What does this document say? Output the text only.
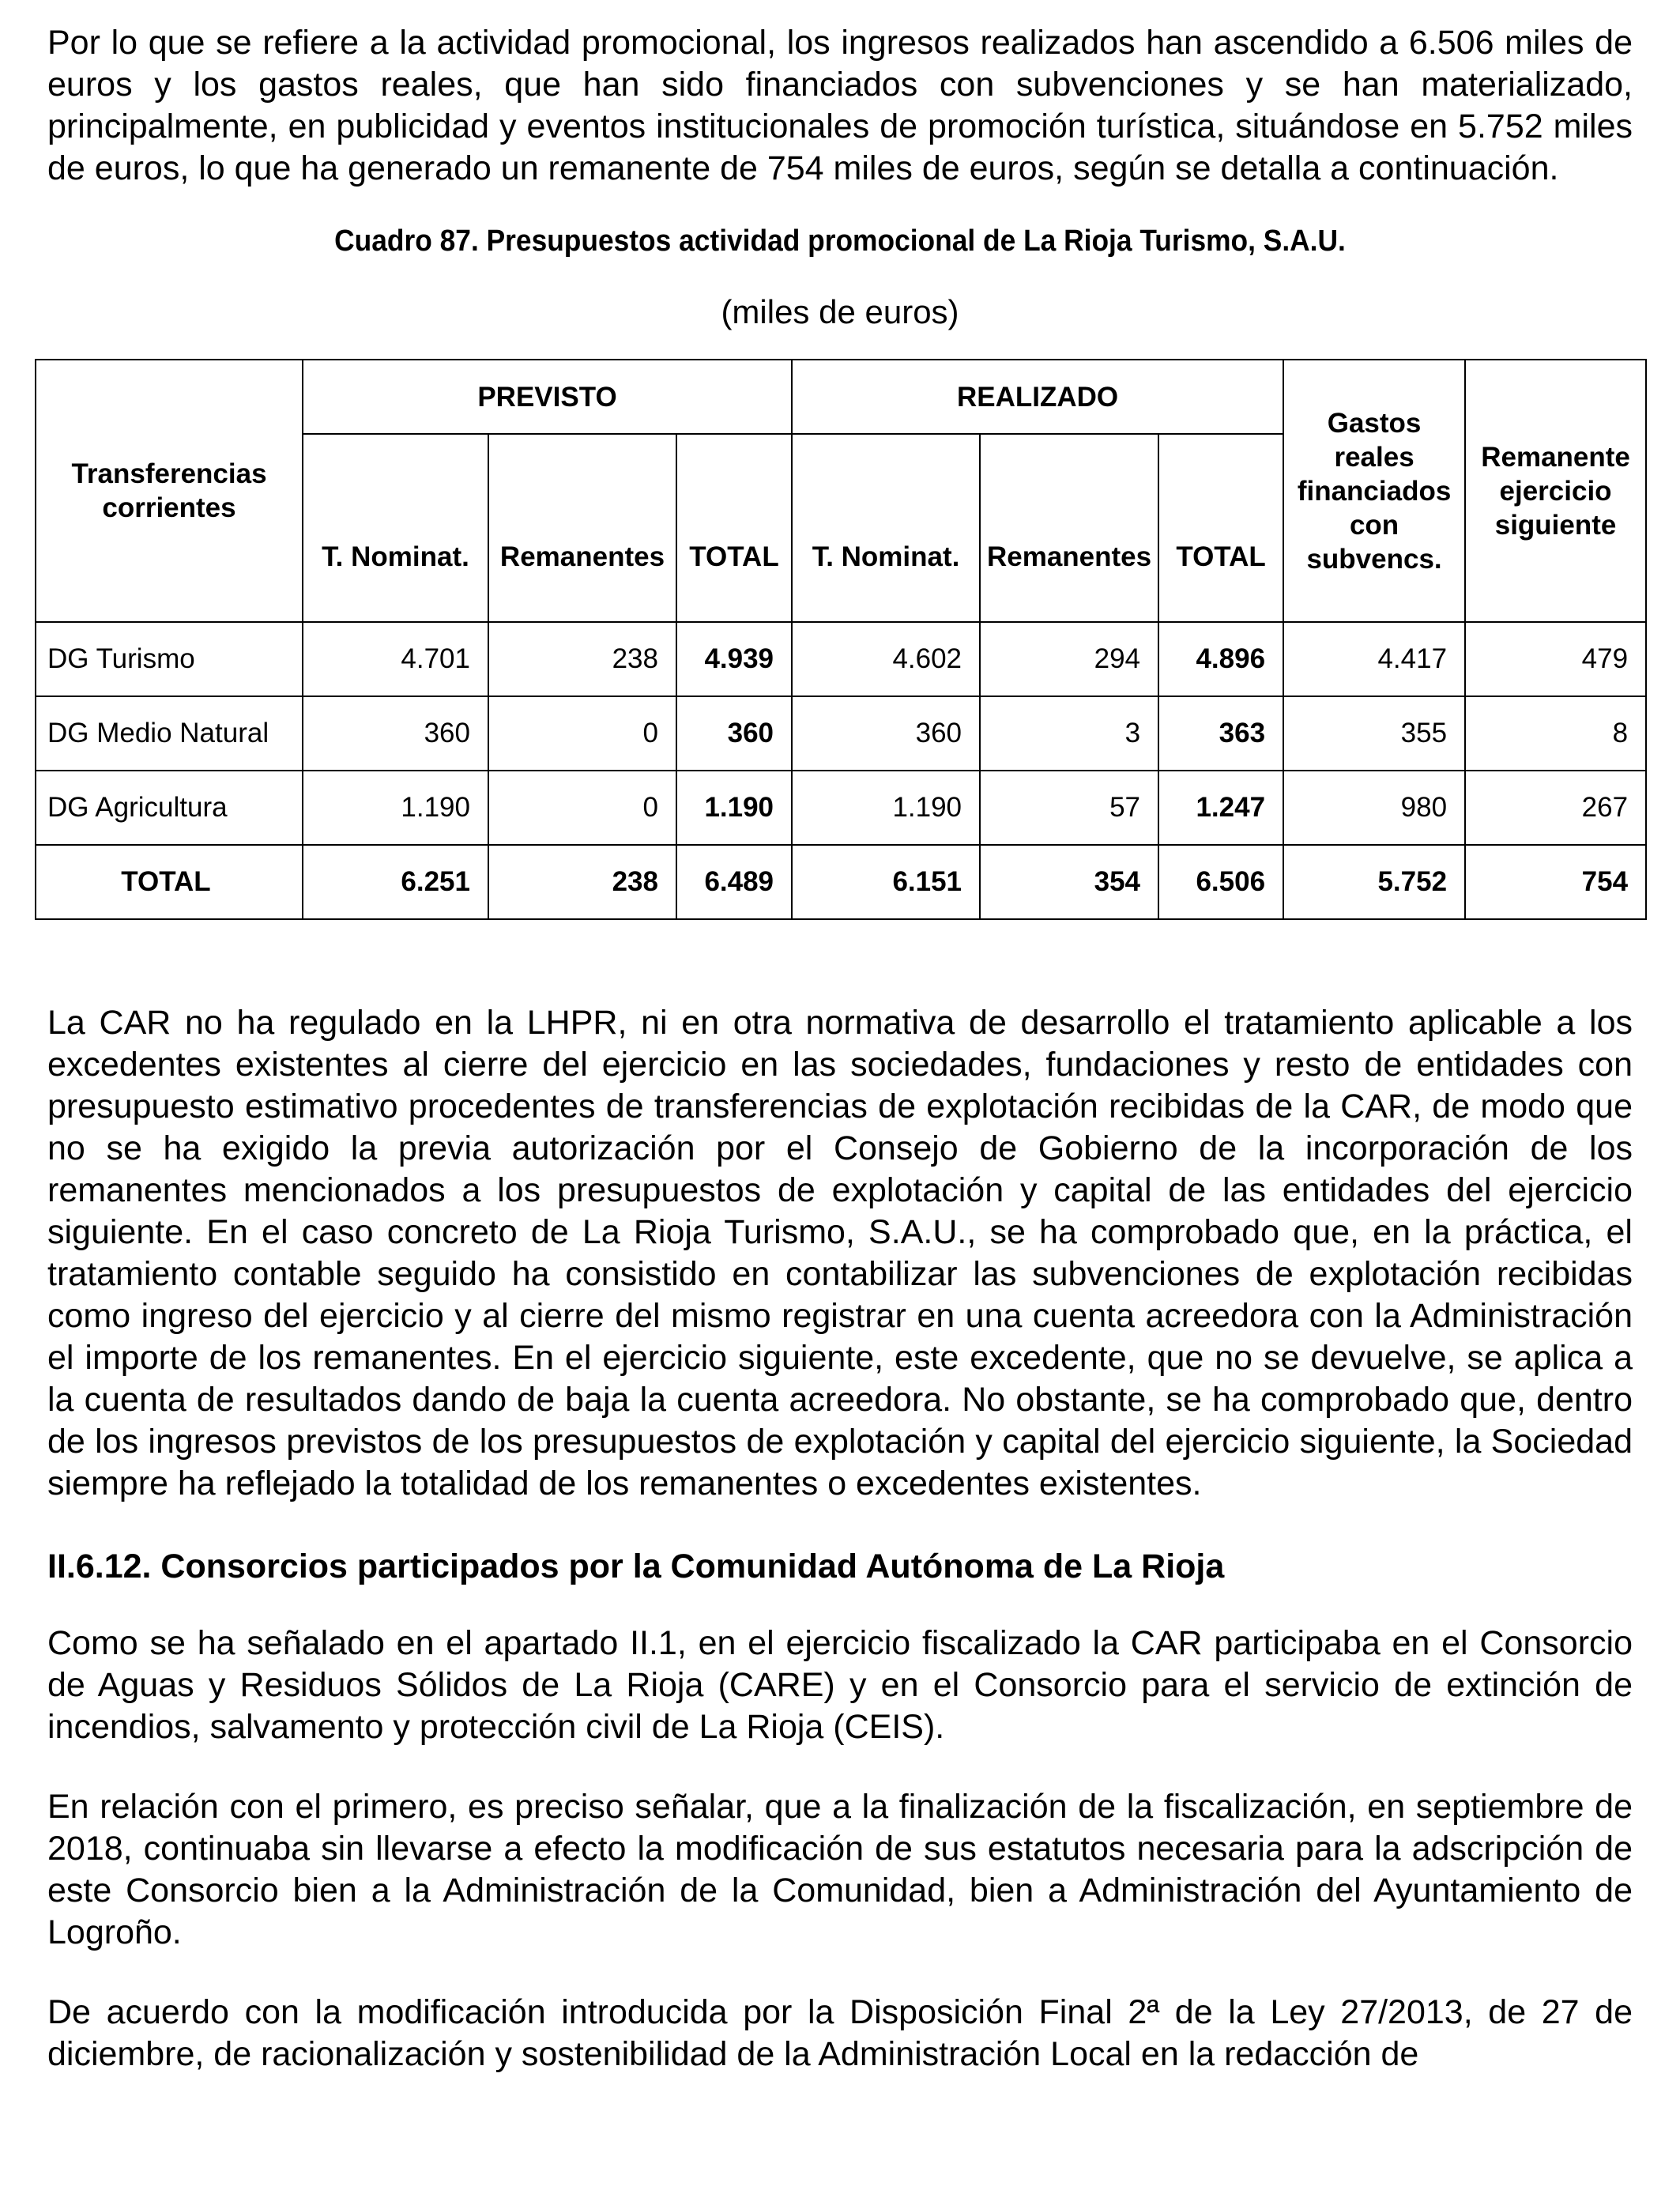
Por lo que se refiere a la actividad promocional, los ingresos realizados han ascendido a 6.506 miles de euros y los gastos reales, que han sido financiados con subvenciones y se han materializado, principalmente, en publicidad y eventos institucionales de promoción turística, situándose en 5.752 miles de euros, lo que ha generado un remanente de 754 miles de euros, según se detalla a continuación.

Cuadro 87. Presupuestos actividad promocional de La Rioja Turismo, S.A.U.
(miles de euros)
Transferencias corrientes	PREVISTO			REALIZADO			Gastos reales financiados con subvencs.	Remanente ejercicio siguiente
	T. Nominat.	Remanentes	TOTAL	T. Nominat.	Remanentes	TOTAL		
DG Turismo	4.701	238	4.939	4.602	294	4.896	4.417	479
DG Medio Natural	360	0	360	360	3	363	355	8
DG Agricultura	1.190	0	1.190	1.190	57	1.247	980	267
TOTAL	6.251	238	6.489	6.151	354	6.506	5.752	754

La CAR no ha regulado en la LHPR, ni en otra normativa de desarrollo el tratamiento aplicable a los excedentes existentes al cierre del ejercicio en las sociedades, fundaciones y resto de entidades con presupuesto estimativo procedentes de transferencias de explotación recibidas de la CAR, de modo que no se ha exigido la previa autorización por el Consejo de Gobierno de la incorporación de los remanentes mencionados a los presupuestos de explotación y capital de las entidades del ejercicio siguiente. En el caso concreto de La Rioja Turismo, S.A.U., se ha comprobado que, en la práctica, el tratamiento contable seguido ha consistido en contabilizar las subvenciones de explotación recibidas como ingreso del ejercicio y al cierre del mismo registrar en una cuenta acreedora con la Administración el importe de los remanentes. En el ejercicio siguiente, este excedente, que no se devuelve, se aplica a la cuenta de resultados dando de baja la cuenta acreedora. No obstante, se ha comprobado que, dentro de los ingresos previstos de los presupuestos de explotación y capital del ejercicio siguiente, la Sociedad siempre ha reflejado la totalidad de los remanentes o excedentes existentes.

II.6.12. Consorcios participados por la Comunidad Autónoma de La Rioja

Como se ha señalado en el apartado II.1, en el ejercicio fiscalizado la CAR participaba en el Consorcio de Aguas y Residuos Sólidos de La Rioja (CARE) y en el Consorcio para el servicio de extinción de incendios, salvamento y protección civil de La Rioja (CEIS).

En relación con el primero, es preciso señalar, que a la finalización de la fiscalización, en septiembre de 2018, continuaba sin llevarse a efecto la modificación de sus estatutos necesaria para la adscripción de este Consorcio bien a la Administración de la Comunidad, bien a Administración del Ayuntamiento de Logroño.

De acuerdo con la modificación introducida por la Disposición Final 2ª de la Ley 27/2013, de 27 de diciembre, de racionalización y sostenibilidad de la Administración Local en la redacción de
